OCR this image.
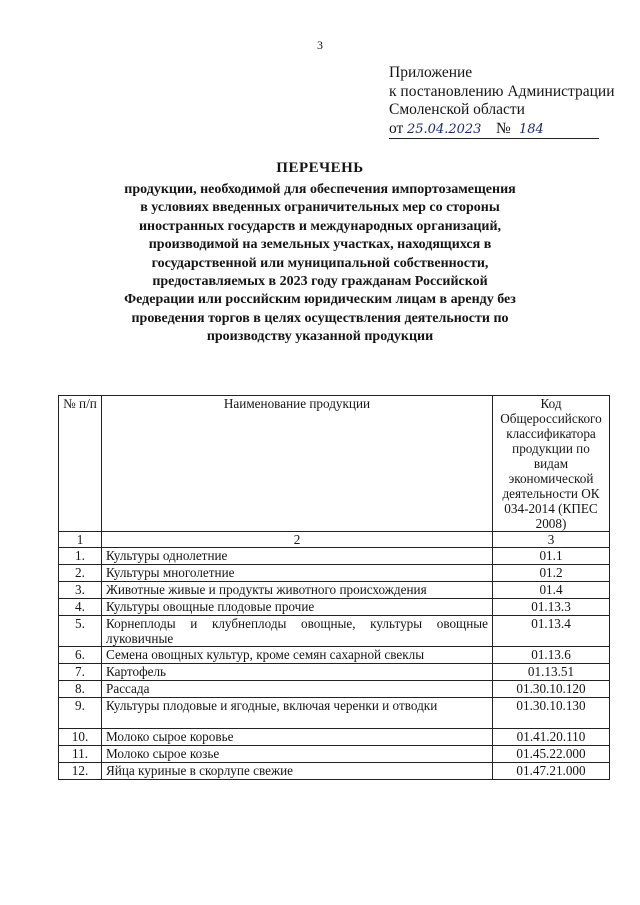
3
Приложение
к постановлению Администрации
Смоленской области
от 25.04.2023 № 184
ПЕРЕЧЕНЬ
продукции, необходимой для обеспечения импортозамещения в условиях введенных ограничительных мер со стороны иностранных государств и международных организаций, производимой на земельных участках, находящихся в государственной или муниципальной собственности, предоставляемых в 2023 году гражданам Российской Федерации или российским юридическим лицам в аренду без проведения торгов в целях осуществления деятельности по производству указанной продукции
№ п/п	Наименование продукции	Код Общероссийского классификатора продукции по видам экономической деятельности ОК 034-2014 (КПЕС 2008)
1	2	3
1.	Культуры однолетние	01.1
2.	Культуры многолетние	01.2
3.	Животные живые и продукты животного происхождения	01.4
4.	Культуры овощные плодовые прочие	01.13.3
5.	Корнеплоды и клубнеплоды овощные, культуры овощные луковичные	01.13.4
6.	Семена овощных культур, кроме семян сахарной свеклы	01.13.6
7.	Картофель	01.13.51
8.	Рассада	01.30.10.120
9.	Культуры плодовые и ягодные, включая черенки и отводки	01.30.10.130
10.	Молоко сырое коровье	01.41.20.110
11.	Молоко сырое козье	01.45.22.000
12.	Яйца куриные в скорлупе свежие	01.47.21.000
